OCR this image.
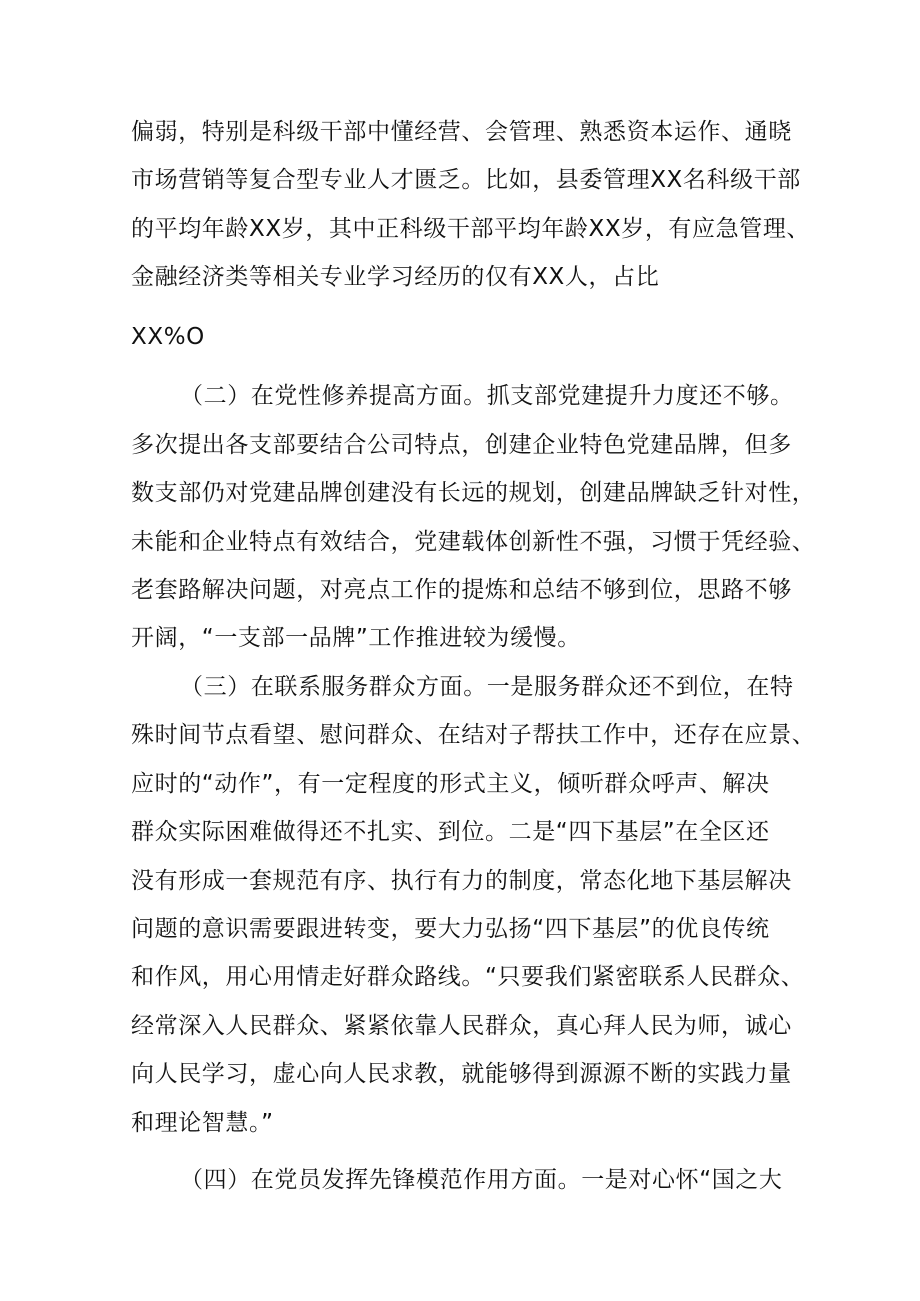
偏弱，特别是科级干部中懂经营、会管理、熟悉资本运作、通晓
市场营销等复合型专业人才匮乏。比如，县委管理XX名科级干部
的平均年龄XX岁，其中正科级干部平均年龄XX岁，有应急管理、
金融经济类等相关专业学习经历的仅有XX人，占比
XX%O
（二）在党性修养提高方面。抓支部党建提升力度还不够。
多次提出各支部要结合公司特点，创建企业特色党建品牌，但多
数支部仍对党建品牌创建没有长远的规划，创建品牌缺乏针对性，
未能和企业特点有效结合，党建载体创新性不强，习惯于凭经验、
老套路解决问题，对亮点工作的提炼和总结不够到位，思路不够
开阔，“一支部一品牌”工作推进较为缓慢。
（三）在联系服务群众方面。一是服务群众还不到位，在特
殊时间节点看望、慰问群众、在结对子帮扶工作中，还存在应景、
应时的“动作”，有一定程度的形式主义，倾听群众呼声、解决
群众实际困难做得还不扎实、到位。二是“四下基层”在全区还
没有形成一套规范有序、执行有力的制度，常态化地下基层解决
问题的意识需要跟进转变，要大力弘扬“四下基层”的优良传统
和作风，用心用情走好群众路线。“只要我们紧密联系人民群众、
经常深入人民群众、紧紧依靠人民群众，真心拜人民为师，诚心
向人民学习，虚心向人民求教，就能够得到源源不断的实践力量
和理论智慧。”
（四）在党员发挥先锋模范作用方面。一是对心怀“国之大
